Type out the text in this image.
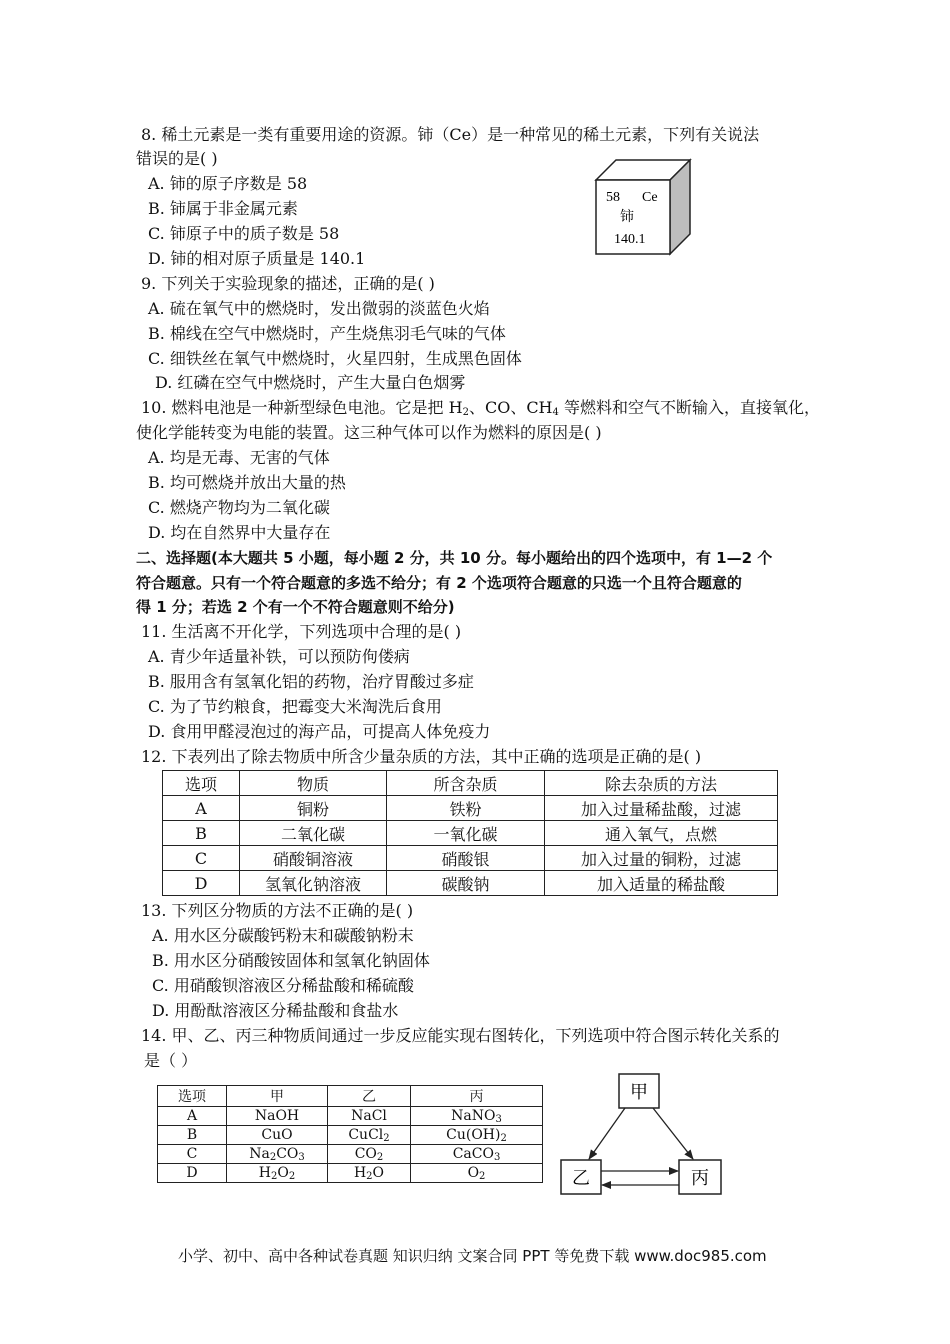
8. 稀土元素是一类有重要用途的资源。铈（Ce）是一种常见的稀土元素，下列有关说法
错误的是( )
A. 铈的原子序数是 58
B. 铈属于非金属元素
C. 铈原子中的质子数是 58
D. 铈的相对原子质量是 140.1
58 Ce
铈
140.1
9. 下列关于实验现象的描述，正确的是( )
A. 硫在氧气中的燃烧时，发出微弱的淡蓝色火焰
B. 棉线在空气中燃烧时，产生烧焦羽毛气味的气体
C. 细铁丝在氧气中燃烧时，火星四射，生成黑色固体
D. 红磷在空气中燃烧时，产生大量白色烟雾
10. 燃料电池是一种新型绿色电池。它是把 $H_2$、CO、$CH_4$ 等燃料和空气不断输入，直接氧化，
使化学能转变为电能的装置。这三种气体可以作为燃料的原因是( )
A. 均是无毒、无害的气体
B. 均可燃烧并放出大量的热
C. 燃烧产物均为二氧化碳
D. 均在自然界中大量存在
二、选择题(本大题共 5 小题，每小题 2 分，共 10 分。每小题给出的四个选项中，有 1—2 个
符合题意。只有一个符合题意的多选不给分；有 2 个选项符合题意的只选一个且符合题意的
得 1 分；若选 2 个有一个不符合题意则不给分)
11. 生活离不开化学，下列选项中合理的是( )
A. 青少年适量补铁，可以预防佝偻病
B. 服用含有氢氧化铝的药物，治疗胃酸过多症
C. 为了节约粮食，把霉变大米淘洗后食用
D. 食用甲醛浸泡过的海产品，可提高人体免疫力
12. 下表列出了除去物质中所含少量杂质的方法，其中正确的选项是正确的是( )
选项	物质	所含杂质	除去杂质的方法
A	铜粉	铁粉	加入过量稀盐酸，过滤
B	二氧化碳	一氧化碳	通入氧气，点燃
C	硝酸铜溶液	硝酸银	加入过量的铜粉，过滤
D	氢氧化钠溶液	碳酸钠	加入适量的稀盐酸
13. 下列区分物质的方法不正确的是( )
A. 用水区分碳酸钙粉末和碳酸钠粉末
B. 用水区分硝酸铵固体和氢氧化钠固体
C. 用硝酸钡溶液区分稀盐酸和稀硫酸
D. 用酚酞溶液区分稀盐酸和食盐水
14. 甲、乙、丙三种物质间通过一步反应能实现右图转化，下列选项中符合图示转化关系的
是（ ）
选项	甲	乙	丙
A	NaOH	NaCl	NaNO$_3$
B	CuO	CuCl$_2$	$Cu(OH)_2$
C	$Na_2CO_3$	$CO_2$	CaCO$_3$
D	$H_2O_2$	$H_2O$	$O_2$
甲
乙	丙
小学、初中、高中各种试卷真题 知识归纳 文案合同 PPT 等免费下载 www.doc985.com
